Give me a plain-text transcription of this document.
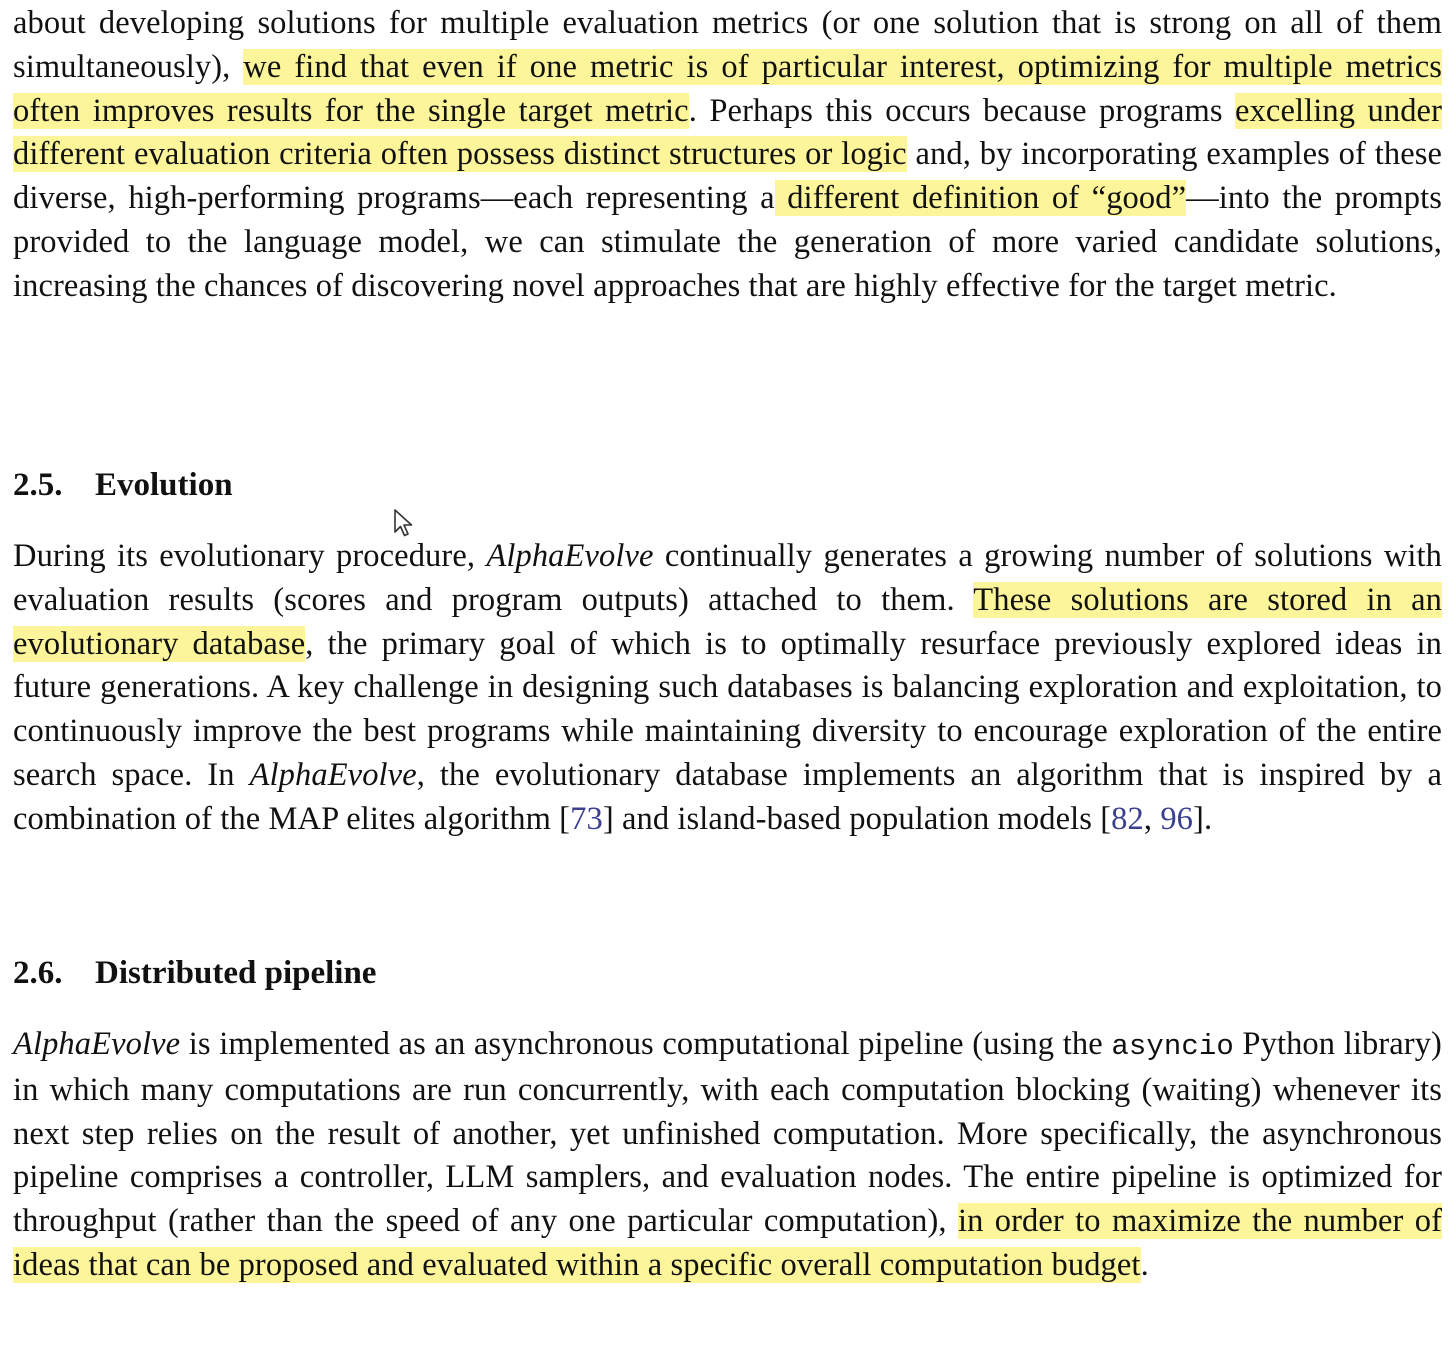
about developing solutions for multiple evaluation metrics (or one solution that is strong on all of them simultaneously), we find that even if one metric is of particular interest, optimizing for multiple metrics often improves results for the single target metric. Perhaps this occurs because programs excelling under different evaluation criteria often possess distinct structures or logic and, by incorporating examples of these diverse, high-performing programs—each representing a different definition of “good”—into the prompts provided to the language model, we can stimulate the generation of more varied candidate solutions, increasing the chances of discovering novel approaches that are highly effective for the target metric.

2.5. Evolution

During its evolutionary procedure, AlphaEvolve continually generates a growing number of solutions with evaluation results (scores and program outputs) attached to them. These solutions are stored in an evolutionary database, the primary goal of which is to optimally resurface previously explored ideas in future generations. A key challenge in designing such databases is balancing exploration and exploitation, to continuously improve the best programs while maintaining diversity to encourage exploration of the entire search space. In AlphaEvolve, the evolutionary database implements an algorithm that is inspired by a combination of the MAP elites algorithm [73] and island-based population models [82, 96].

2.6. Distributed pipeline

AlphaEvolve is implemented as an asynchronous computational pipeline (using the asyncio Python library) in which many computations are run concurrently, with each computation blocking (waiting) whenever its next step relies on the result of another, yet unfinished computation. More specifically, the asynchronous pipeline comprises a controller, LLM samplers, and evaluation nodes. The entire pipeline is optimized for throughput (rather than the speed of any one particular computation), in order to maximize the number of ideas that can be proposed and evaluated within a specific overall computation budget.
